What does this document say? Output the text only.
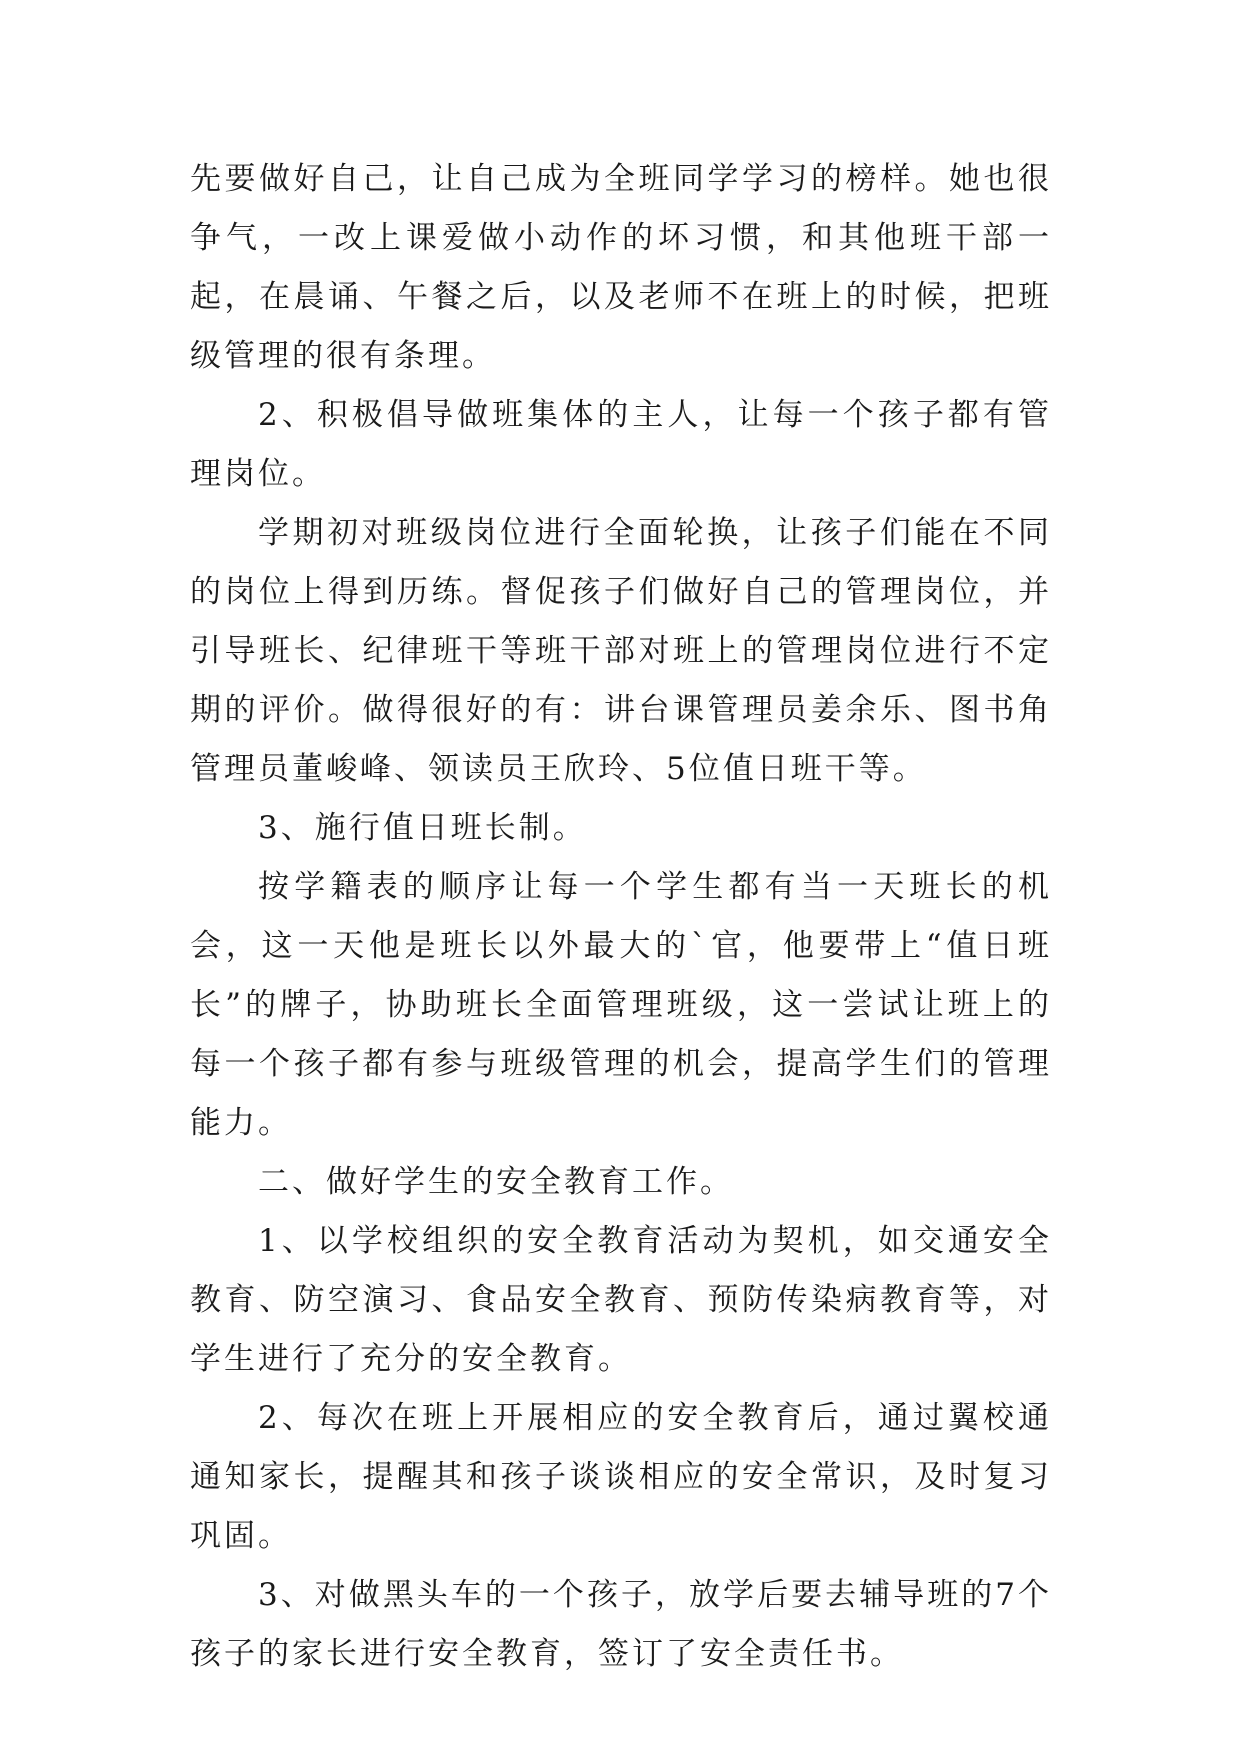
先要做好自己，让自己成为全班同学学习的榜样。她也很争气，一改上课爱做小动作的坏习惯，和其他班干部一起，在晨诵、午餐之后，以及老师不在班上的时候，把班级管理的很有条理。

2、积极倡导做班集体的主人，让每一个孩子都有管理岗位。

学期初对班级岗位进行全面轮换，让孩子们能在不同的岗位上得到历练。督促孩子们做好自己的管理岗位，并引导班长、纪律班干等班干部对班上的管理岗位进行不定期的评价。做得很好的有：讲台课管理员姜余乐、图书角管理员董峻峰、领读员王欣玲、5位值日班干等。

3、施行值日班长制。

按学籍表的顺序让每一个学生都有当一天班长的机会，这一天他是班长以外最大的`官，他要带上“值日班长”的牌子，协助班长全面管理班级，这一尝试让班上的每一个孩子都有参与班级管理的机会，提高学生们的管理能力。

二、做好学生的安全教育工作。

1、以学校组织的安全教育活动为契机，如交通安全教育、防空演习、食品安全教育、预防传染病教育等，对学生进行了充分的安全教育。

2、每次在班上开展相应的安全教育后，通过翼校通通知家长，提醒其和孩子谈谈相应的安全常识，及时复习巩固。

3、对做黑头车的一个孩子，放学后要去辅导班的7个孩子的家长进行安全教育，签订了安全责任书。
